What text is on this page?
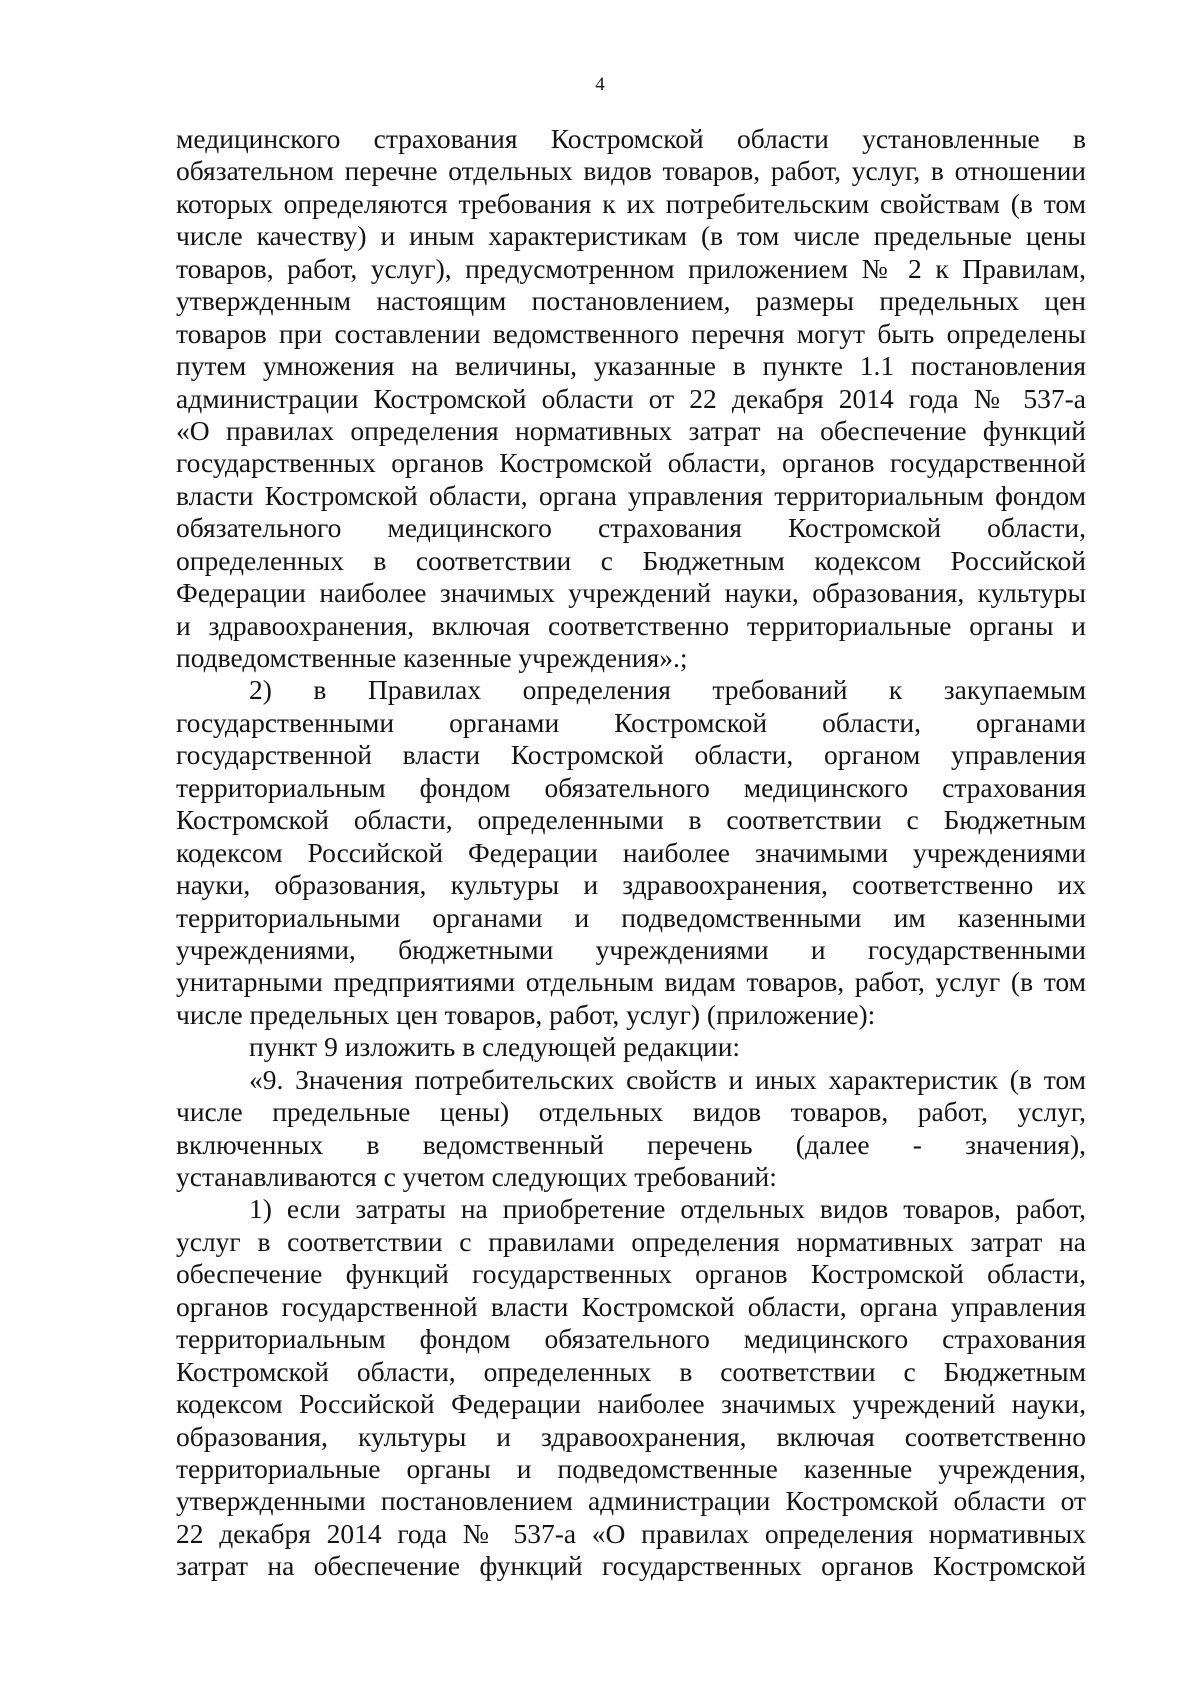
4
медицинского страхования Костромской области установленные в
обязательном перечне отдельных видов товаров, работ, услуг, в отношении
которых определяются требования к их потребительским свойствам (в том
числе качеству) и иным характеристикам (в том числе предельные цены
товаров, работ, услуг), предусмотренном приложением № 2 к Правилам,
утвержденным настоящим постановлением, размеры предельных цен
товаров при составлении ведомственного перечня могут быть определены
путем умножения на величины, указанные в пункте 1.1 постановления
администрации Костромской области от 22 декабря 2014 года № 537-а
«О правилах определения нормативных затрат на обеспечение функций
государственных органов Костромской области, органов государственной
власти Костромской области, органа управления территориальным фондом
обязательного медицинского страхования Костромской области,
определенных в соответствии с Бюджетным кодексом Российской
Федерации наиболее значимых учреждений науки, образования, культуры
и здравоохранения, включая соответственно территориальные органы и
подведомственные казенные учреждения».;
2) в Правилах определения требований к закупаемым
государственными органами Костромской области, органами
государственной власти Костромской области, органом управления
территориальным фондом обязательного медицинского страхования
Костромской области, определенными в соответствии с Бюджетным
кодексом Российской Федерации наиболее значимыми учреждениями
науки, образования, культуры и здравоохранения, соответственно их
территориальными органами и подведомственными им казенными
учреждениями, бюджетными учреждениями и государственными
унитарными предприятиями отдельным видам товаров, работ, услуг (в том
числе предельных цен товаров, работ, услуг) (приложение):
пункт 9 изложить в следующей редакции:
«9. Значения потребительских свойств и иных характеристик (в том
числе предельные цены) отдельных видов товаров, работ, услуг,
включенных в ведомственный перечень (далее - значения),
устанавливаются с учетом следующих требований:
1) если затраты на приобретение отдельных видов товаров, работ,
услуг в соответствии с правилами определения нормативных затрат на
обеспечение функций государственных органов Костромской области,
органов государственной власти Костромской области, органа управления
территориальным фондом обязательного медицинского страхования
Костромской области, определенных в соответствии с Бюджетным
кодексом Российской Федерации наиболее значимых учреждений науки,
образования, культуры и здравоохранения, включая соответственно
территориальные органы и подведомственные казенные учреждения,
утвержденными постановлением администрации Костромской области от
22 декабря 2014 года № 537-а «О правилах определения нормативных
затрат на обеспечение функций государственных органов Костромской
